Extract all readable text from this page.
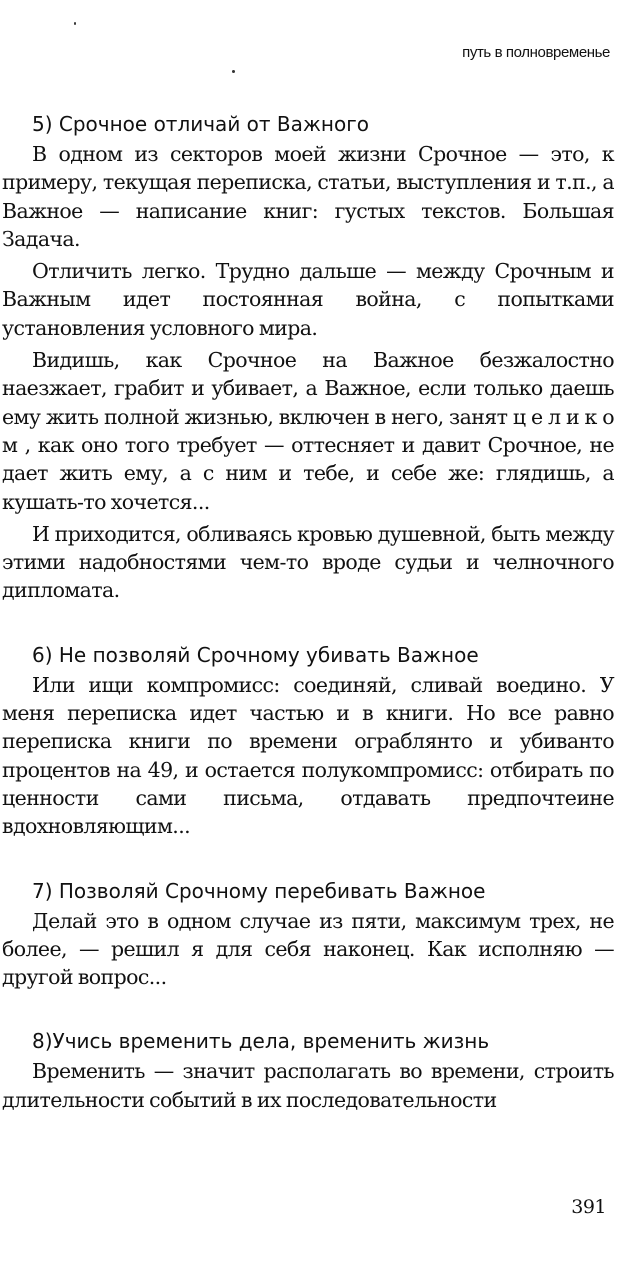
путь в полновременье
5) Срочное отличай от Важного

В одном из секторов моей жизни Срочное — это, к примеру, текущая переписка, статьи, выступления и т.п., а Важное — написание книг: густых текстов. Большая Задача.

Отличить легко. Трудно дальше — между Срочным и Важным идет постоянная война, с попытками установления условного мира.

Видишь, как Срочное на Важное безжалостно наезжает, грабит и убивает, а Важное, если только даешь ему жить полной жизнью, включен в него, занят ц е л и к о м , как оно того требует — оттесняет и давит Срочное, не дает жить ему, а с ним и тебе, и себе же: глядишь, а кушать-то хочется...

И приходится, обливаясь кровью душевной, быть между этими надобностями чем-то вроде судьи и челночного дипломата.

6) Не позволяй Срочному убивать Важное

Или ищи компромисс: соединяй, сливай воедино. У меня переписка идет частью и в книги. Но все равно переписка книги по времени ограблянто и убиванто процентов на 49, и остается полукомпромисс: отбирать по ценности сами письма, отдавать предпочтеине вдохновляющим...

7) Позволяй Срочному перебивать Важное

Делай это в одном случае из пяти, максимум трех, не более, — решил я для себя наконец. Как исполняю — другой вопрос...

8)Учись временить дела, временить жизнь

Временить — значит располагать во времени, строить длительности событий в их последовательности

391
